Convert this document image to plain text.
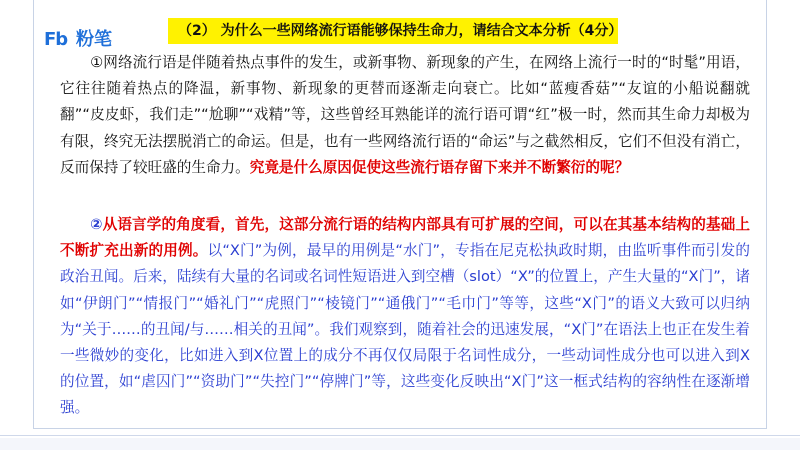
Fb 粉笔	（2） 为什么一些网络流行语能够保持生命力，请结合文本分析（4分）
①网络流行语是伴随着热点事件的发生，或新事物、新现象的产生，在网络上流行一时的“时髦”用语，它往往随着热点的降温，新事物、新现象的更替而逐渐走向衰亡。比如“蓝瘦香菇”“友谊的小船说翻就翻”“皮皮虾，我们走”“尬聊”“戏精”等，这些曾经耳熟能详的流行语可谓“红”极一时，然而其生命力却极为有限，终究无法摆脱消亡的命运。但是，也有一些网络流行语的“命运”与之截然相反，它们不但没有消亡，反而保持了较旺盛的生命力。究竟是什么原因促使这些流行语存留下来并不断繁衍的呢？
②从语言学的角度看，首先，这部分流行语的结构内部具有可扩展的空间，可以在其基本结构的基础上不断扩充出新的用例。以“X门”为例，最早的用例是“水门”，专指在尼克松执政时期，由监听事件而引发的政治丑闻。后来，陆续有大量的名词或名词性短语进入到空槽（slot）“X”的位置上，产生大量的“X门”，诸如“伊朗门”“情报门”“婚礼门”“虎照门”“棱镜门”“通俄门”“毛巾门”等等，这些“X门”的语义大致可以归纳为“关于……的丑闻/与……相关的丑闻”。我们观察到，随着社会的迅速发展，“X门”在语法上也正在发生着一些微妙的变化，比如进入到X位置上的成分不再仅仅局限于名词性成分，一些动词性成分也可以进入到X的位置，如“虐囚门”“资助门”“失控门”“停牌门”等，这些变化反映出“X门”这一框式结构的容纳性在逐渐增强。
